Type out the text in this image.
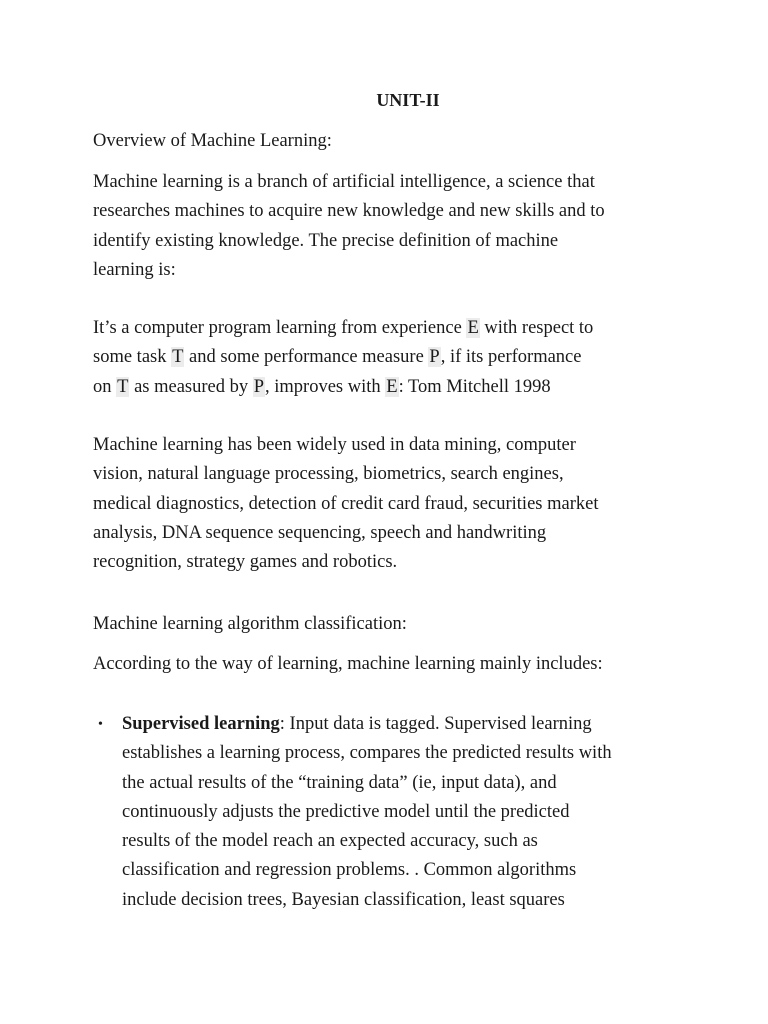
UNIT-II
Overview of Machine Learning:
Machine learning is a branch of artificial intelligence, a science that
researches machines to acquire new knowledge and new skills and to
identify existing knowledge. The precise definition of machine
learning is:
It’s a computer program learning from experience E with respect to
some task T and some performance measure P, if its performance
on T as measured by P, improves with E: Tom Mitchell 1998
Machine learning has been widely used in data mining, computer
vision, natural language processing, biometrics, search engines,
medical diagnostics, detection of credit card fraud, securities market
analysis, DNA sequence sequencing, speech and handwriting
recognition, strategy games and robotics.
Machine learning algorithm classification:
According to the way of learning, machine learning mainly includes:
• Supervised learning: Input data is tagged. Supervised learning
establishes a learning process, compares the predicted results with
the actual results of the “training data” (ie, input data), and
continuously adjusts the predictive model until the predicted
results of the model reach an expected accuracy, such as
classification and regression problems. . Common algorithms
include decision trees, Bayesian classification, least squares
